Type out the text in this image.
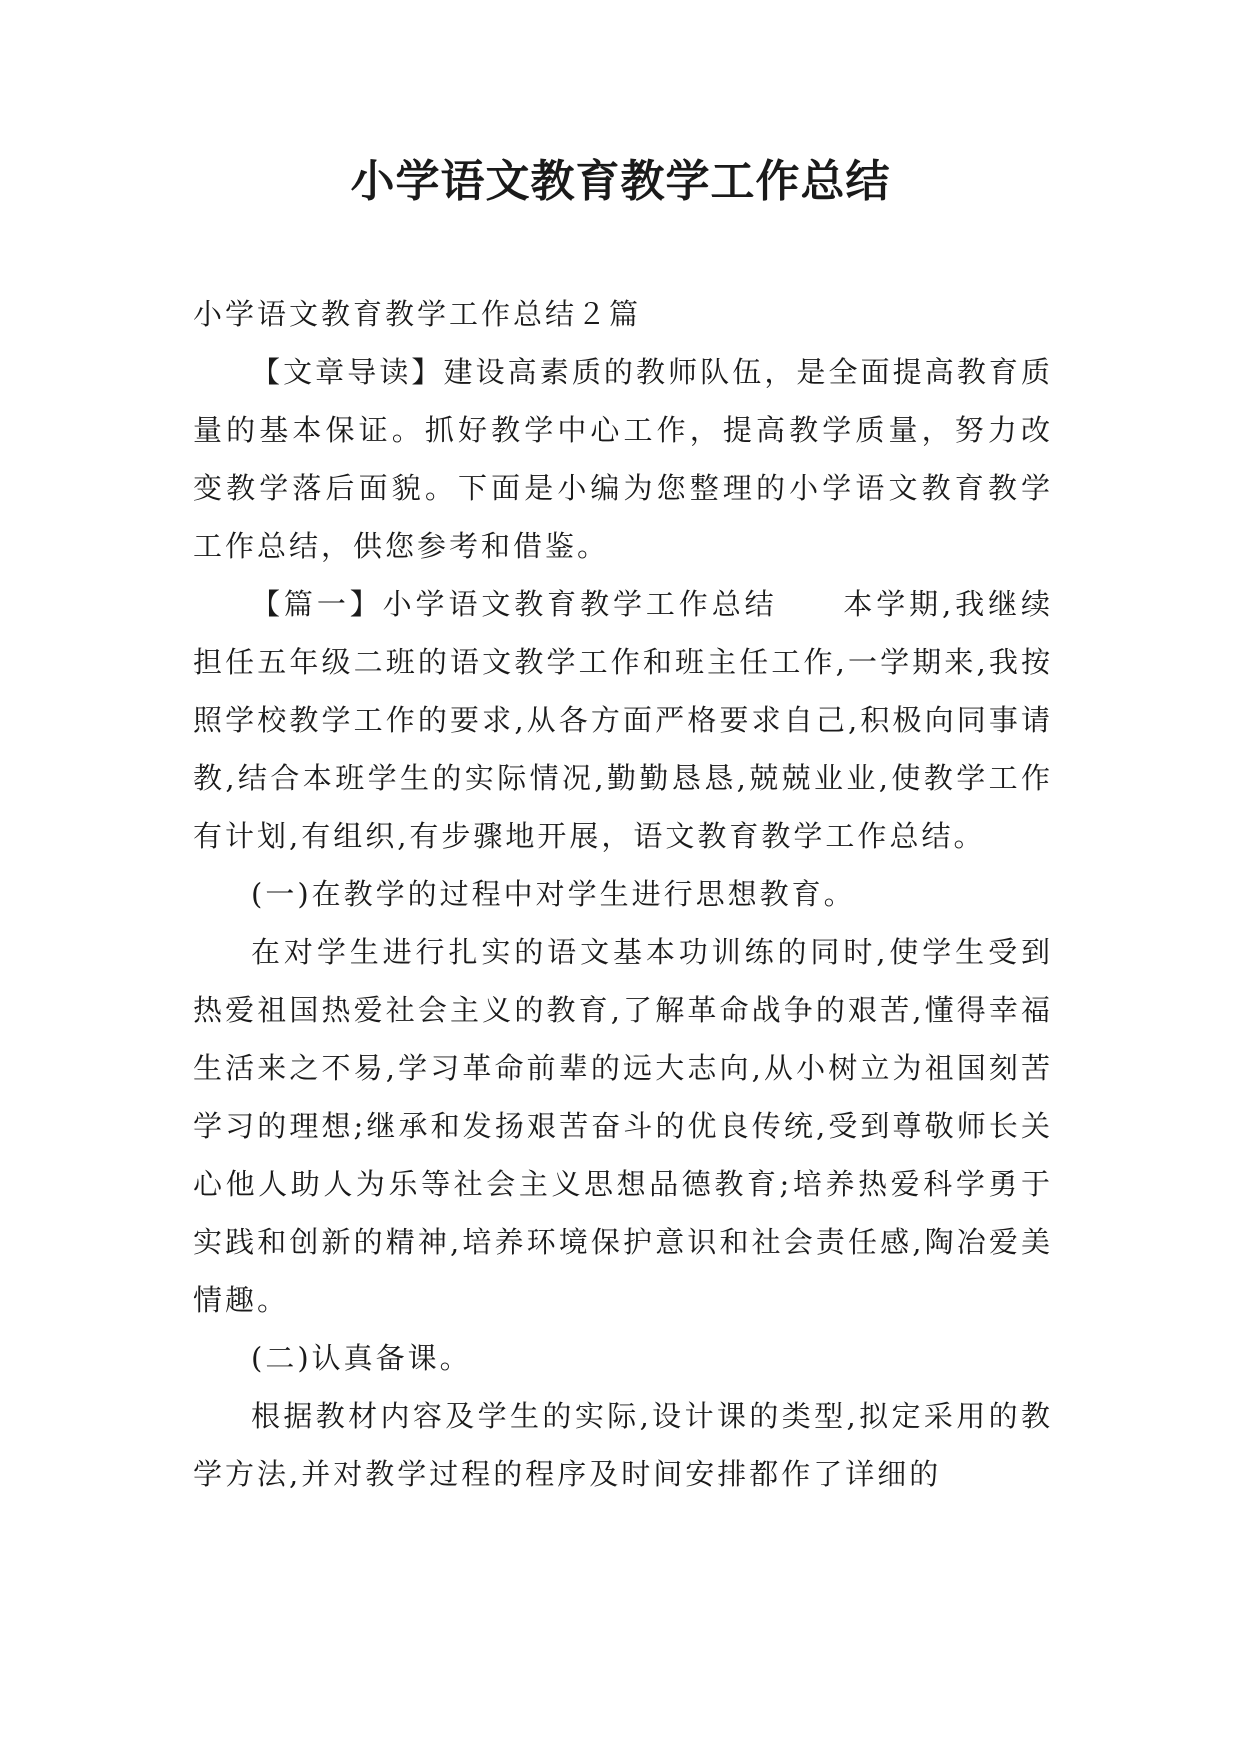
小学语文教育教学工作总结

小学语文教育教学工作总结２篇

【文章导读】建设高素质的教师队伍，是全面提高教育质量的基本保证。抓好教学中心工作，提高教学质量，努力改变教学落后面貌。下面是小编为您整理的小学语文教育教学工作总结，供您参考和借鉴。

【篇一】小学语文教育教学工作总结　　本学期,我继续担任五年级二班的语文教学工作和班主任工作,一学期来,我按照学校教学工作的要求,从各方面严格要求自己,积极向同事请教,结合本班学生的实际情况,勤勤恳恳,兢兢业业,使教学工作有计划,有组织,有步骤地开展，语文教育教学工作总结。

(一)在教学的过程中对学生进行思想教育。

在对学生进行扎实的语文基本功训练的同时,使学生受到热爱祖国热爱社会主义的教育,了解革命战争的艰苦,懂得幸福生活来之不易,学习革命前辈的远大志向,从小树立为祖国刻苦学习的理想;继承和发扬艰苦奋斗的优良传统,受到尊敬师长关心他人助人为乐等社会主义思想品德教育;培养热爱科学勇于实践和创新的精神,培养环境保护意识和社会责任感,陶冶爱美情趣。

(二)认真备课。

根据教材内容及学生的实际,设计课的类型,拟定采用的教学方法,并对教学过程的程序及时间安排都作了详细的
